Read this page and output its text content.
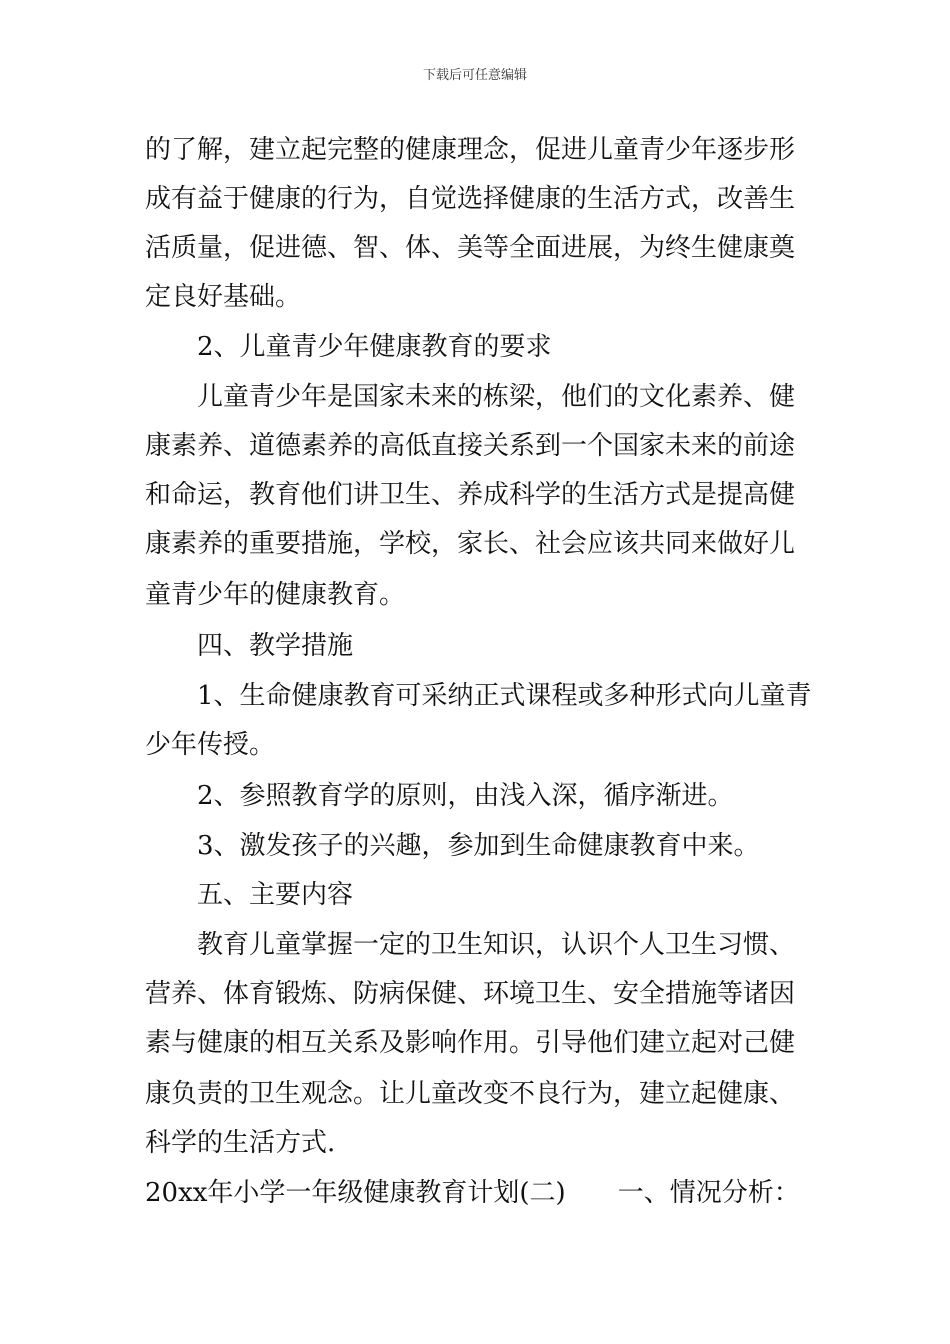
下载后可任意编辑
的了解，建立起完整的健康理念，促进儿童青少年逐步形
成有益于健康的行为，自觉选择健康的生活方式，改善生
活质量，促进德、智、体、美等全面进展，为终生健康奠
定良好基础。
2、儿童青少年健康教育的要求
儿童青少年是国家未来的栋梁，他们的文化素养、健
康素养、道德素养的高低直接关系到一个国家未来的前途
和命运，教育他们讲卫生、养成科学的生活方式是提高健
康素养的重要措施，学校，家长、社会应该共同来做好儿
童青少年的健康教育。
四、教学措施
1、生命健康教育可采纳正式课程或多种形式向儿童青
少年传授。
2、参照教育学的原则，由浅入深，循序渐进。
3、激发孩子的兴趣，参加到生命健康教育中来。
五、主要内容
教育儿童掌握一定的卫生知识，认识个人卫生习惯、
营养、体育锻炼、防病保健、环境卫生、安全措施等诸因
素与健康的相互关系及影响作用。引导他们建立起对己健
康负责的卫生观念。让儿童改变不良行为，建立起健康、
科学的生活方式.
20xx年小学一年级健康教育计划(二)　　一、情况分析：
